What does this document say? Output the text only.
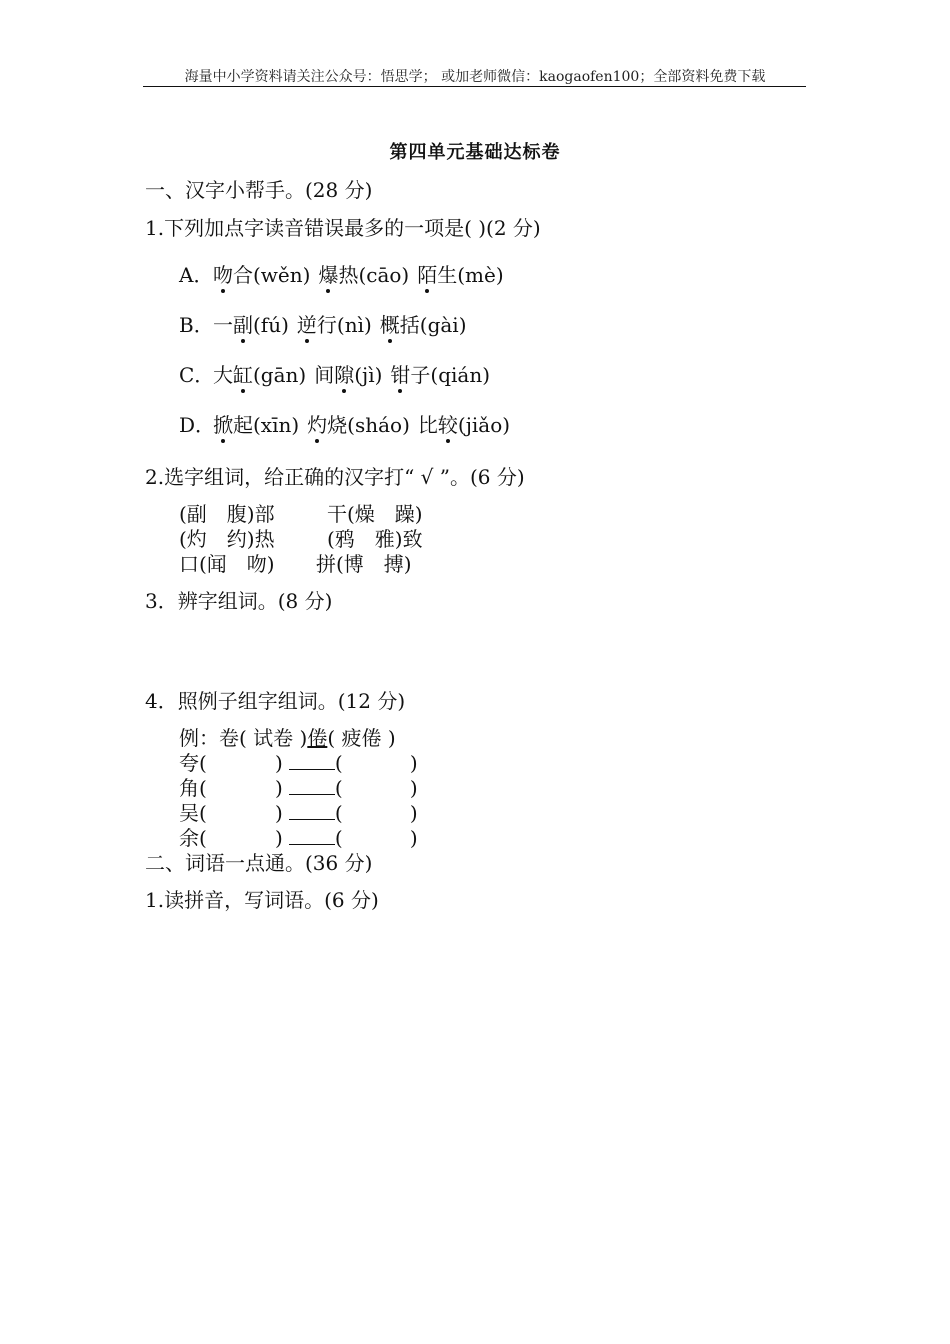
海量中小学资料请关注公众号：悟思学； 或加老师微信：kaogaofen100；全部资料免费下载
第四单元基础达标卷
一、汉字小帮手。(28 分)
1.下列加点字读音错误最多的一项是( )(2 分)
A．吻合(wěn) 爆热(cāo) 陌生(mè)
B．一副(fú) 逆行(nì) 概括(gài)
C．大缸(gān) 间隙(jì) 钳子(qián)
D．掀起(xīn) 灼烧(sháo) 比较(jiǎo)
2.选字组词，给正确的汉字打“ √ ”。(6 分)
(副　腹)部	干(燥　躁)
(灼　约)热	(鸦　雅)致
口(闻　吻) 拼(博　搏)
3．辨字组词。(8 分)
4．照例子组字组词。(12 分)
例：卷( 试卷 )倦( 疲倦 )
夸(	)	(	)
角(	)	(	)
吴(	)	(	)
余(	)	(	)
二、词语一点通。(36 分)
1.读拼音，写词语。(6 分)
